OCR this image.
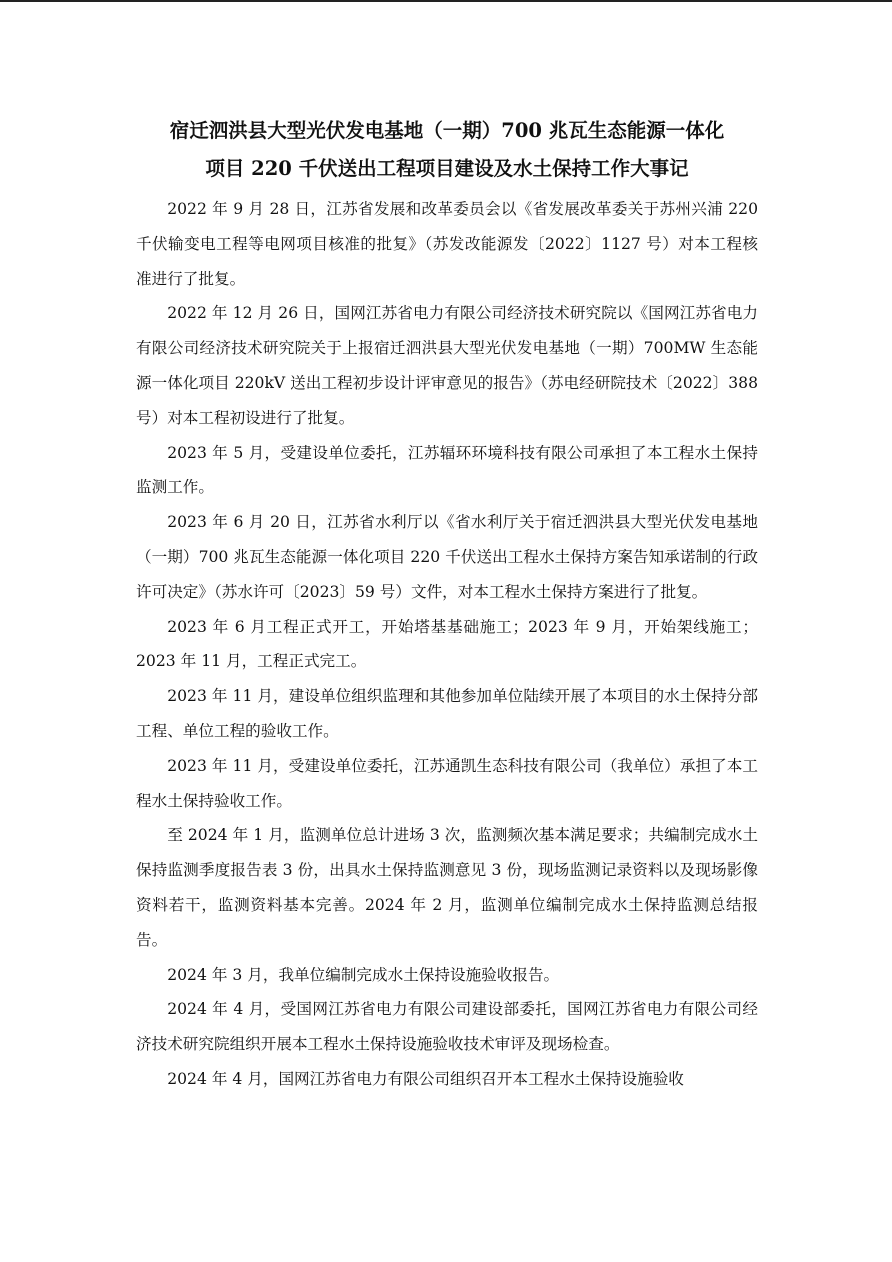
宿迁泗洪县大型光伏发电基地（一期）700 兆瓦生态能源一体化
项目 220 千伏送出工程项目建设及水土保持工作大事记

2022 年 9 月 28 日，江苏省发展和改革委员会以《省发展改革委关于苏州兴浦 220 千伏输变电工程等电网项目核准的批复》（苏发改能源发〔2022〕1127 号）对本工程核准进行了批复。

2022 年 12 月 26 日，国网江苏省电力有限公司经济技术研究院以《国网江苏省电力有限公司经济技术研究院关于上报宿迁泗洪县大型光伏发电基地（一期）700MW 生态能源一体化项目 220kV 送出工程初步设计评审意见的报告》（苏电经研院技术〔2022〕388 号）对本工程初设进行了批复。

2023 年 5 月，受建设单位委托，江苏辐环环境科技有限公司承担了本工程水土保持监测工作。

2023 年 6 月 20 日，江苏省水利厅以《省水利厅关于宿迁泗洪县大型光伏发电基地（一期）700 兆瓦生态能源一体化项目 220 千伏送出工程水土保持方案告知承诺制的行政许可决定》（苏水许可〔2023〕59 号）文件，对本工程水土保持方案进行了批复。

2023 年 6 月工程正式开工，开始塔基基础施工；2023 年 9 月，开始架线施工；2023 年 11 月，工程正式完工。

2023 年 11 月，建设单位组织监理和其他参加单位陆续开展了本项目的水土保持分部工程、单位工程的验收工作。

2023 年 11 月，受建设单位委托，江苏通凯生态科技有限公司（我单位）承担了本工程水土保持验收工作。

至 2024 年 1 月，监测单位总计进场 3 次，监测频次基本满足要求；共编制完成水土保持监测季度报告表 3 份，出具水土保持监测意见 3 份，现场监测记录资料以及现场影像资料若干，监测资料基本完善。2024 年 2 月，监测单位编制完成水土保持监测总结报告。

2024 年 3 月，我单位编制完成水土保持设施验收报告。

2024 年 4 月，受国网江苏省电力有限公司建设部委托，国网江苏省电力有限公司经济技术研究院组织开展本工程水土保持设施验收技术审评及现场检查。

2024 年 4 月，国网江苏省电力有限公司组织召开本工程水土保持设施验收
